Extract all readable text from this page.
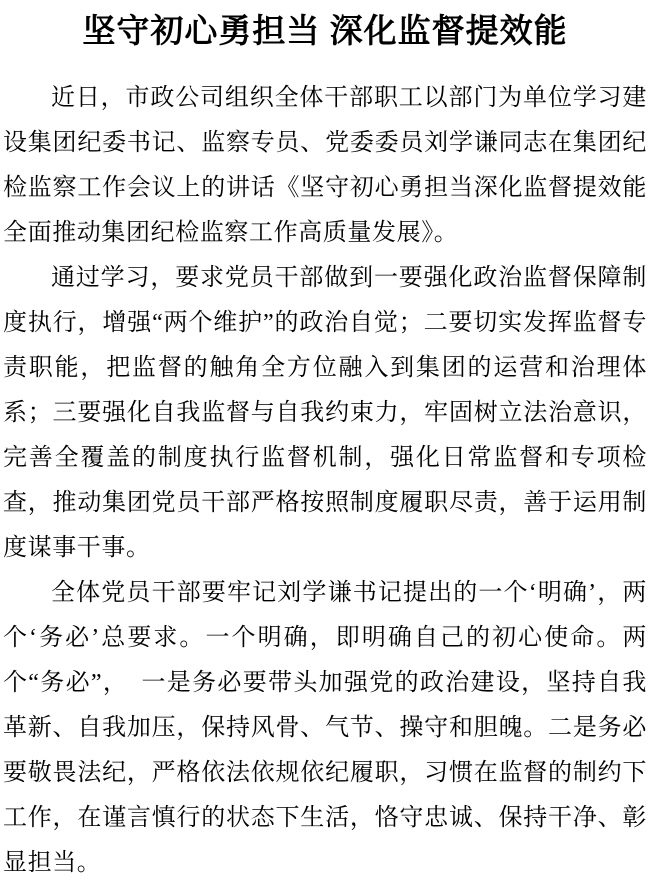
坚守初心勇担当 深化监督提效能

近日，市政公司组织全体干部职工以部门为单位学习建设集团纪委书记、监察专员、党委委员刘学谦同志在集团纪检监察工作会议上的讲话《坚守初心勇担当深化监督提效能全面推动集团纪检监察工作高质量发展》。

通过学习，要求党员干部做到一要强化政治监督保障制度执行，增强“两个维护”的政治自觉；二要切实发挥监督专责职能，把监督的触角全方位融入到集团的运营和治理体系；三要强化自我监督与自我约束力，牢固树立法治意识，完善全覆盖的制度执行监督机制，强化日常监督和专项检查，推动集团党员干部严格按照制度履职尽责，善于运用制度谋事干事。

全体党员干部要牢记刘学谦书记提出的一个‘明确’，两个‘务必’总要求。一个明确，即明确自己的初心使命。两个“务必”，　一是务必要带头加强党的政治建设，坚持自我革新、自我加压，保持风骨、气节、操守和胆魄。二是务必要敬畏法纪，严格依法依规依纪履职，习惯在监督的制约下工作，在谨言慎行的状态下生活，恪守忠诚、保持干净、彰显担当。
